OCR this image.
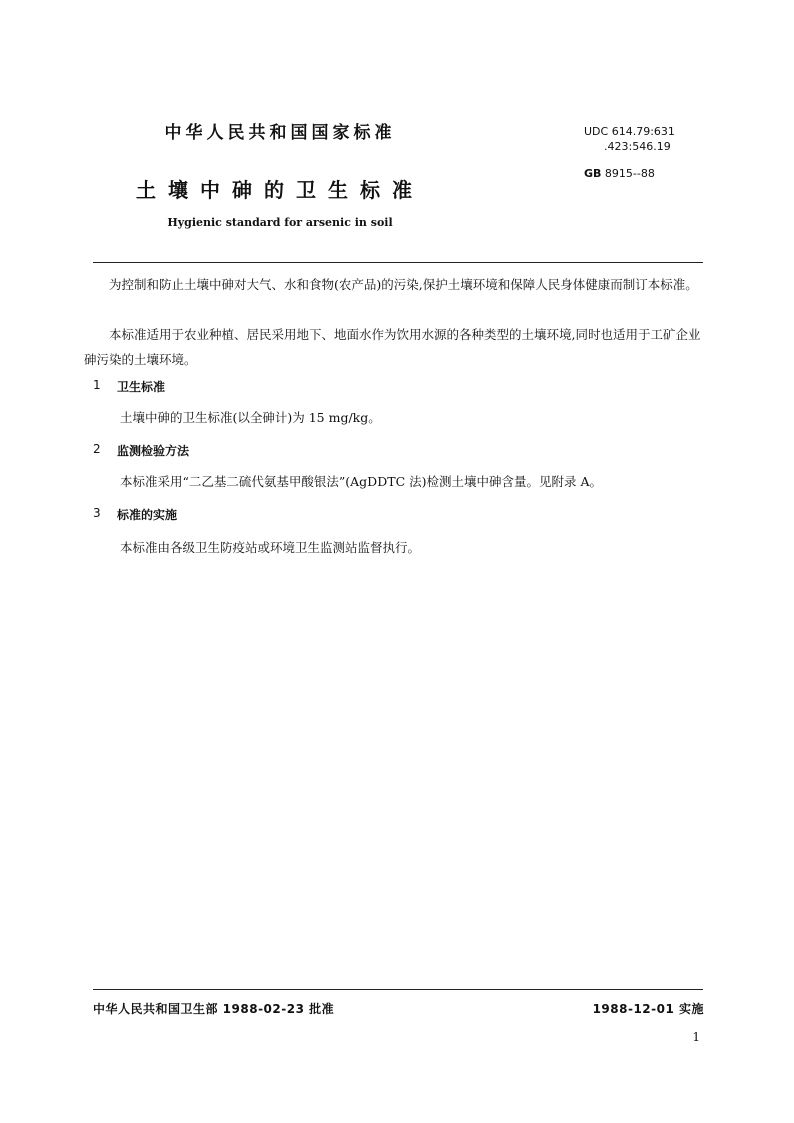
中华人民共和国国家标准	UDC 614.79:631
.423:546.19
GB 8915--88
土壤中砷的卫生标准
Hygienic standard for arsenic in soil
为控制和防止土壤中砷对大气、水和食物(农产品)的污染,保护土壤环境和保障人民身体健康而制订本标准。
本标准适用于农业种植、居民采用地下、地面水作为饮用水源的各种类型的土壤环境,同时也适用于工矿企业砷污染的土壤环境。
1 卫生标准
土壤中砷的卫生标准(以全砷计)为 15 mg/kg。
2 监测检验方法
本标准采用“二乙基二硫代氨基甲酸银法”(AgDDTC 法)检测土壤中砷含量。见附录 A。
3 标准的实施
本标准由各级卫生防疫站或环境卫生监测站监督执行。
中华人民共和国卫生部 1988-02-23 批准	1988-12-01 实施
1
